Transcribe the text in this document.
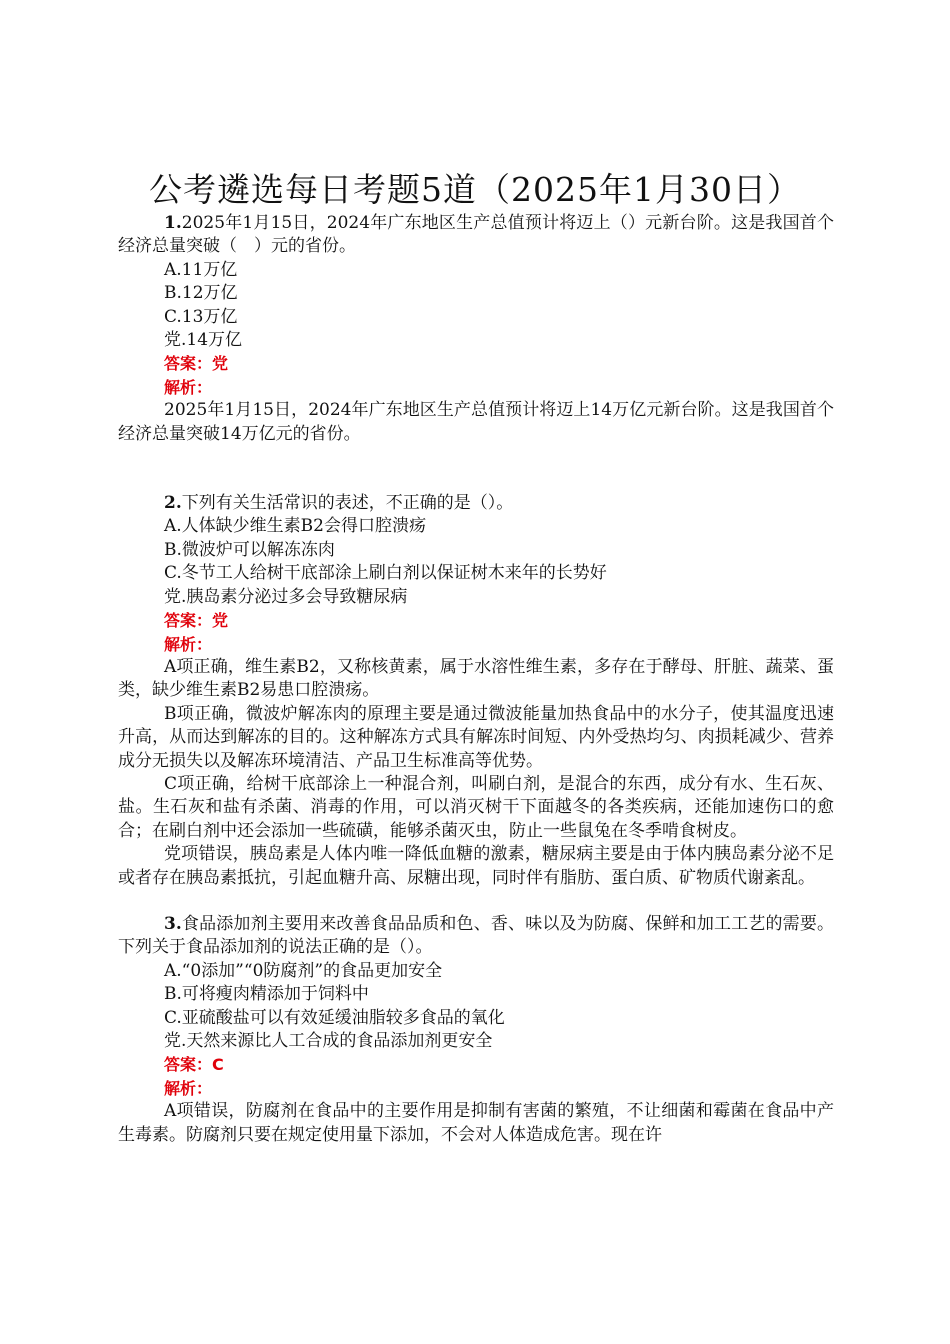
公考遴选每日考题5道（2025年1月30日）

1.2025年1月15日，2024年广东地区生产总值预计将迈上（）元新台阶。这是我国首个经济总量突破（　）元的省份。

A.11万亿

B.12万亿

C.13万亿

党.14万亿

答案：党

解析：

2025年1月15日，2024年广东地区生产总值预计将迈上14万亿元新台阶。这是我国首个经济总量突破14万亿元的省份。

2.下列有关生活常识的表述，不正确的是（）。

A.人体缺少维生素B2会得口腔溃疡

B.微波炉可以解冻冻肉

C.冬节工人给树干底部涂上刷白剂以保证树木来年的长势好

党.胰岛素分泌过多会导致糖尿病

答案：党

解析：

A项正确，维生素B2，又称核黄素，属于水溶性维生素，多存在于酵母、肝脏、蔬菜、蛋类，缺少维生素B2易患口腔溃疡。

B项正确，微波炉解冻肉的原理主要是通过微波能量加热食品中的水分子，使其温度迅速升高，从而达到解冻的目的。这种解冻方式具有解冻时间短、内外受热均匀、肉损耗减少、营养成分无损失以及解冻环境清洁、产品卫生标准高等优势。

C项正确，给树干底部涂上一种混合剂，叫刷白剂，是混合的东西，成分有水、生石灰、盐。生石灰和盐有杀菌、消毒的作用，可以消灭树干下面越冬的各类疾病，还能加速伤口的愈合；在刷白剂中还会添加一些硫磺，能够杀菌灭虫，防止一些鼠兔在冬季啃食树皮。

党项错误，胰岛素是人体内唯一降低血糖的激素，糖尿病主要是由于体内胰岛素分泌不足或者存在胰岛素抵抗，引起血糖升高、尿糖出现，同时伴有脂肪、蛋白质、矿物质代谢紊乱。

3.食品添加剂主要用来改善食品品质和色、香、味以及为防腐、保鲜和加工工艺的需要。下列关于食品添加剂的说法正确的是（）。

A.“0添加”“0防腐剂”的食品更加安全

B.可将瘦肉精添加于饲料中

C.亚硫酸盐可以有效延缓油脂较多食品的氧化

党.天然来源比人工合成的食品添加剂更安全

答案：C

解析：

A项错误，防腐剂在食品中的主要作用是抑制有害菌的繁殖，不让细菌和霉菌在食品中产生毒素。防腐剂只要在规定使用量下添加，不会对人体造成危害。现在许
